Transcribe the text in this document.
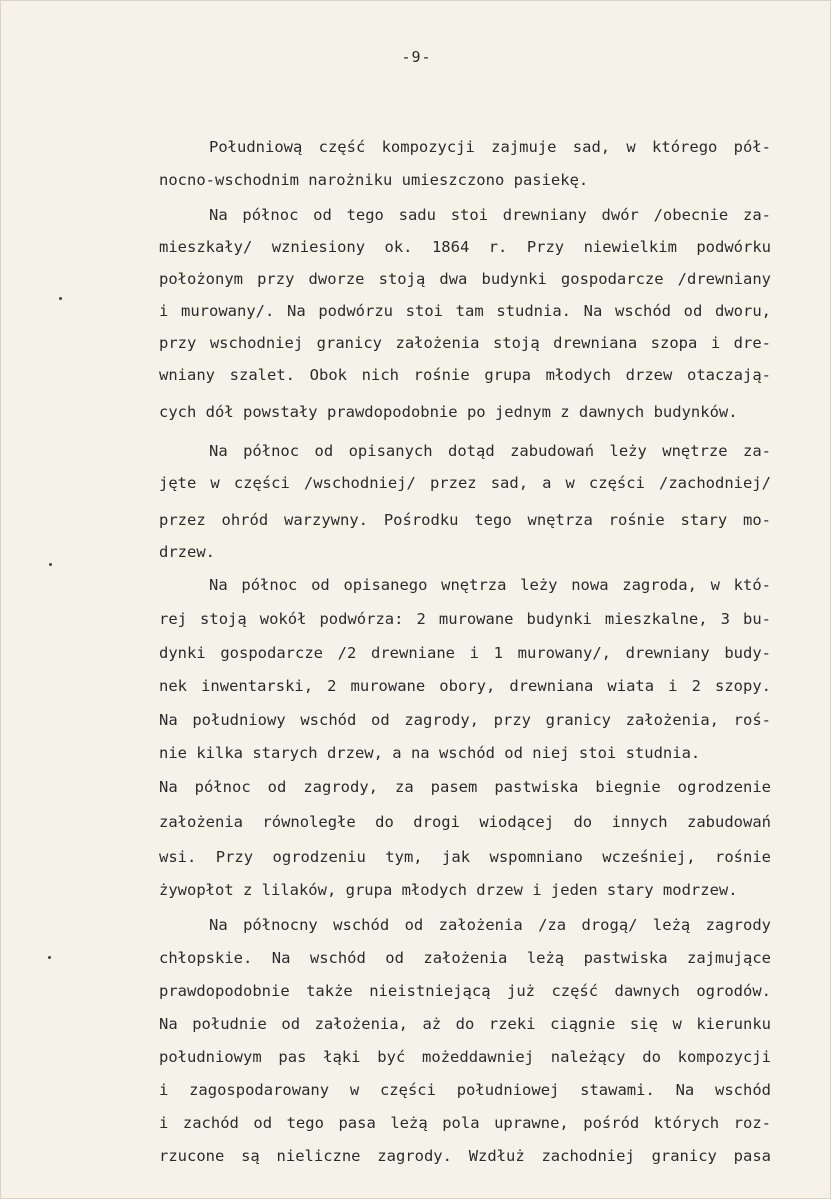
-9-
Południową część kompozycji zajmuje sad, w którego pół-
nocno-wschodnim narożniku umieszczono pasiekę.
Na północ od tego sadu stoi drewniany dwór /obecnie za-
mieszkały/ wzniesiony ok. 1864 r. Przy niewielkim podwórku
położonym przy dworze stoją dwa budynki gospodarcze /drewniany
i murowany/. Na podwórzu stoi tam studnia. Na wschód od dworu,
przy wschodniej granicy założenia stoją drewniana szopa i dre-
wniany szalet. Obok nich rośnie grupa młodych drzew otaczają-
cych dół powstały prawdopodobnie po jednym z dawnych budynków.
Na północ od opisanych dotąd zabudowań leży wnętrze za-
jęte w części /wschodniej/ przez sad, a w części /zachodniej/
przez ohród warzywny. Pośrodku tego wnętrza rośnie stary mo-
drzew.
Na północ od opisanego wnętrza leży nowa zagroda, w któ-
rej stoją wokół podwórza: 2 murowane budynki mieszkalne, 3 bu-
dynki gospodarcze /2 drewniane i 1 murowany/, drewniany budy-
nek inwentarski, 2 murowane obory, drewniana wiata i 2 szopy.
Na południowy wschód od zagrody, przy granicy założenia, roś-
nie kilka starych drzew, a na wschód od niej stoi studnia.
Na północ od zagrody, za pasem pastwiska biegnie ogrodzenie
założenia równoległe do drogi wiodącej do innych zabudowań
wsi. Przy ogrodzeniu tym, jak wspomniano wcześniej, rośnie
żywopłot z lilaków, grupa młodych drzew i jeden stary modrzew.
Na północny wschód od założenia /za drogą/ leżą zagrody
chłopskie. Na wschód od założenia leżą pastwiska zajmujące
prawdopodobnie także nieistniejącą już część dawnych ogrodów.
Na południe od założenia, aż do rzeki ciągnie się w kierunku
południowym pas łąki być możeddawniej należący do kompozycji
i zagospodarowany w części południowej stawami. Na wschód
i zachód od tego pasa leżą pola uprawne, pośród których roz-
rzucone są nieliczne zagrody. Wzdłuż zachodniej granicy pasa
